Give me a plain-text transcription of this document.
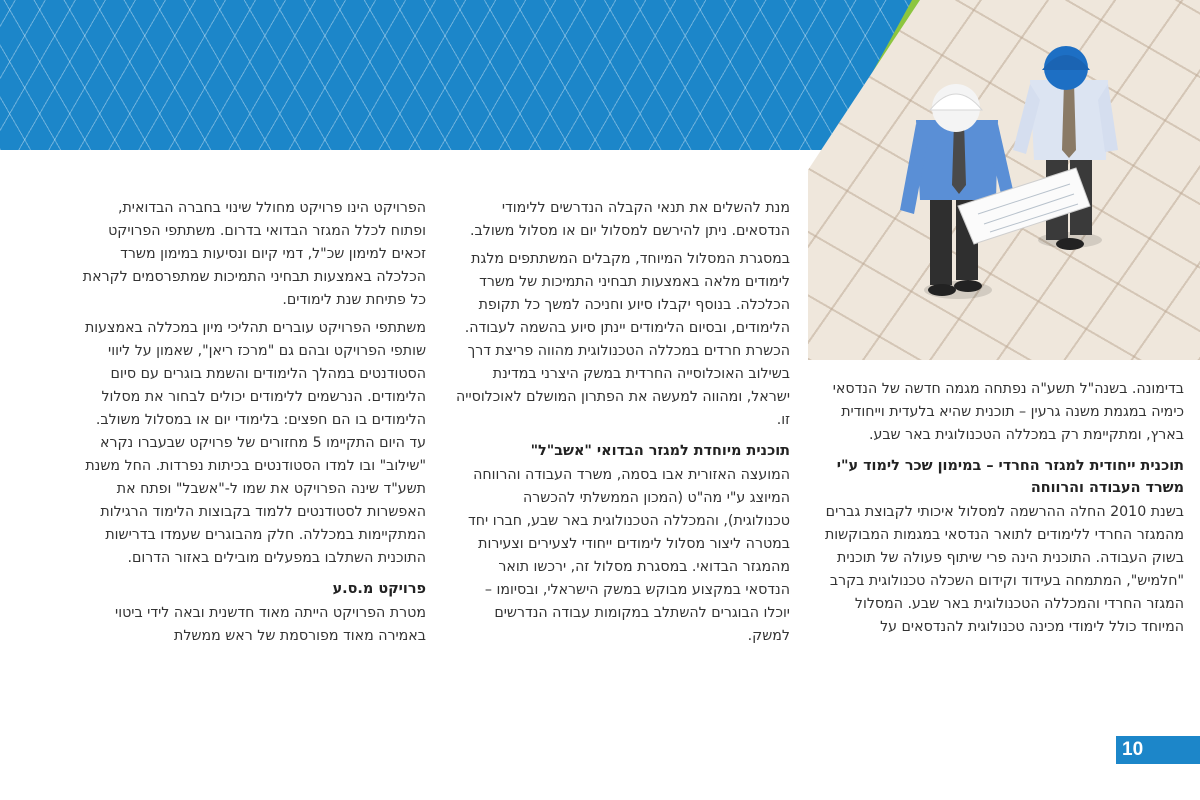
בדימונה. בשנה"ל תשע"ה נפתחה מגמה חדשה של הנדסאי כימיה במגמת משנה גרעין – תוכנית שהיא בלעדית וייחודית בארץ, ומתקיימת רק במכללה הטכנולוגית באר שבע.

תוכנית ייחודית למגזר החרדי – במימון שכר לימוד ע"י משרד העבודה והרווחה

בשנת 2010 החלה ההרשמה למסלול איכותי לקבוצת גברים מהמגזר החרדי ללימודים לתואר הנדסאי במגמות המבוקשות בשוק העבודה. התוכנית הינה פרי שיתוף פעולה של תוכנית "חלמיש", המתמחה בעידוד וקידום השכלה טכנולוגית בקרב המגזר החרדי והמכללה הטכנולוגית באר שבע. המסלול המיוחד כולל לימודי מכינה טכנולוגית להנדסאים על

מנת להשלים את תנאי הקבלה הנדרשים ללימודי הנדסאים. ניתן להירשם למסלול יום או מסלול משולב.

במסגרת המסלול המיוחד, מקבלים המשתתפים מלגת לימודים מלאה באמצעות תבחיני התמיכות של משרד הכלכלה. בנוסף יקבלו סיוע וחניכה למשך כל תקופת הלימודים, ובסיום הלימודים יינתן סיוע בהשמה לעבודה. הכשרת חרדים במכללה הטכנולוגית מהווה פריצת דרך בשילוב האוכלוסייה החרדית במשק היצרני במדינת ישראל, ומהווה למעשה את הפתרון המושלם לאוכלוסייה זו.

תוכנית מיוחדת למגזר הבדואי "אשב"ל"

המועצה האזורית אבו בסמה, משרד העבודה והרווחה המיוצג ע"י מה"ט (המכון הממשלתי להכשרה טכנולוגית), והמכללה הטכנולוגית באר שבע, חברו יחד במטרה ליצור מסלול לימודים ייחודי לצעירים וצעירות מהמגזר הבדואי. במסגרת מסלול זה, ירכשו תואר הנדסאי במקצוע מבוקש במשק הישראלי, ובסיומו – יוכלו הבוגרים להשתלב במקומות עבודה הנדרשים למשק.

הפרויקט הינו פרויקט מחולל שינוי בחברה הבדואית, ופתוח לכלל המגזר הבדואי בדרום. משתתפי הפרויקט זכאים למימון שכ"ל, דמי קיום ונסיעות במימון משרד הכלכלה באמצעות תבחיני התמיכות שמתפרסמים לקראת כל פתיחת שנת לימודים.

משתתפי הפרויקט עוברים תהליכי מיון במכללה באמצעות שותפי הפרויקט ובהם גם "מרכז ריאן", שאמון על ליווי הסטודנטים במהלך הלימודים והשמת בוגרים עם סיום הלימודים. הנרשמים ללימודים יכולים לבחור את מסלול הלימודים בו הם חפצים: בלימודי יום או במסלול משולב. עד היום התקיימו 5 מחזורים של פרויקט שבעברו נקרא "שילוב" ובו למדו הסטודנטים בכיתות נפרדות. החל משנת תשע"ד שינה הפרויקט את שמו ל-"אשבל" ופתח את האפשרות לסטודנטים ללמוד בקבוצות הלימוד הרגילות המתקיימות במכללה. חלק מהבוגרים שעמדו בדרישות התוכנית השתלבו במפעלים מובילים באזור הדרום.

פרויקט מ.ס.ע

מטרת הפרויקט הייתה מאוד חדשנית ובאה לידי ביטוי באמירה מאוד מפורסמת של ראש ממשלת

10
